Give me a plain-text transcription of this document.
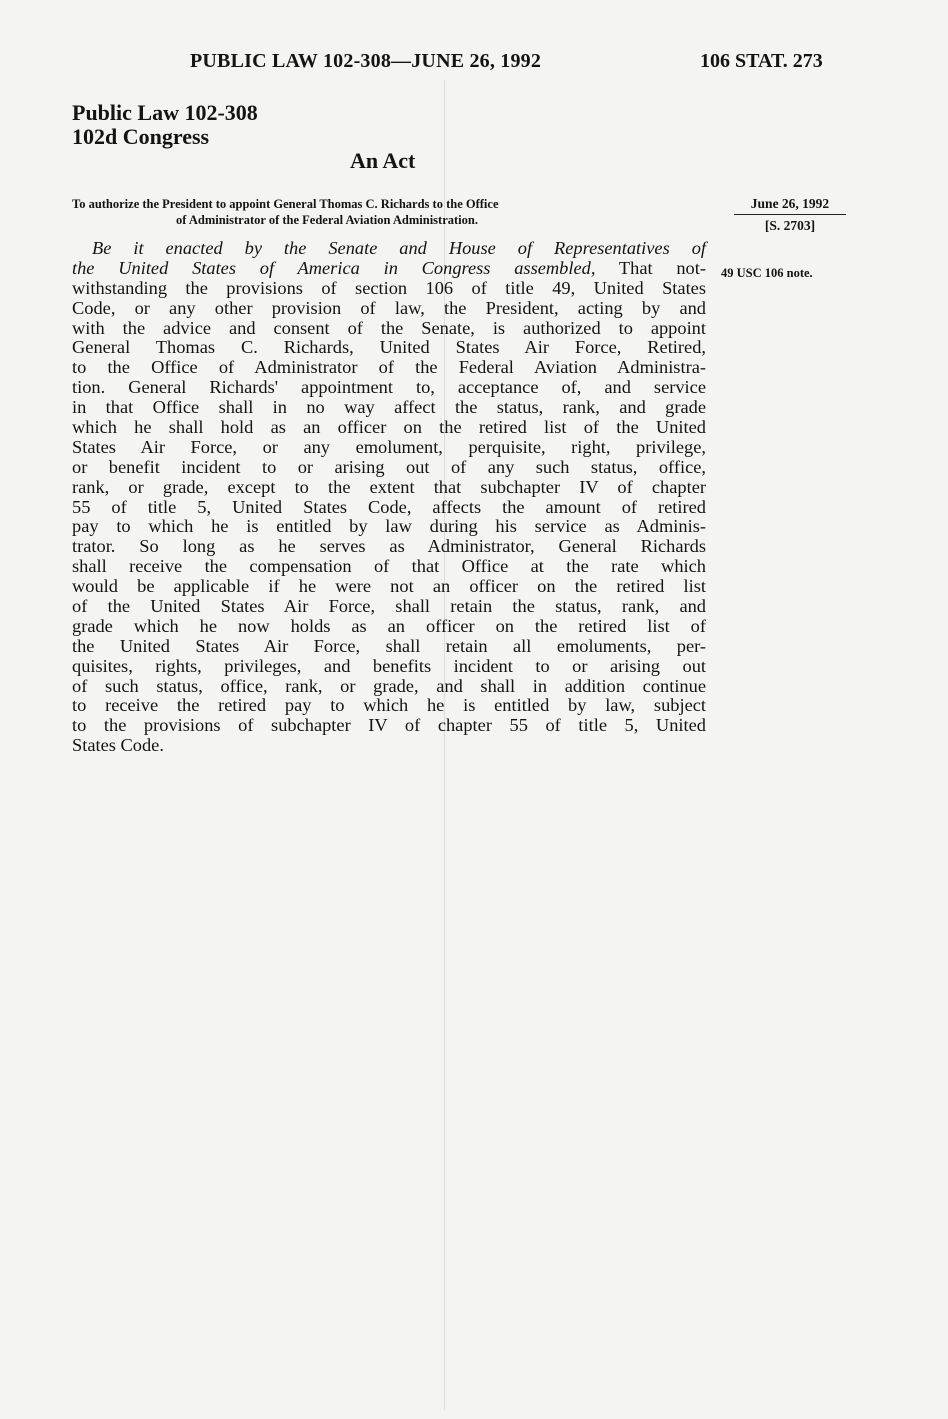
PUBLIC LAW 102-308—JUNE 26, 1992	106 STAT. 273
Public Law 102-308
102d Congress
An Act
To authorize the President to appoint General Thomas C. Richards to the Office
of Administrator of the Federal Aviation Administration.
June 26, 1992
[S. 2703]
49 USC 106 note.
Be it enacted by the Senate and House of Representatives of
the United States of America in Congress assembled, That not-
withstanding the provisions of section 106 of title 49, United States
Code, or any other provision of law, the President, acting by and
with the advice and consent of the Senate, is authorized to appoint
General Thomas C. Richards, United States Air Force, Retired,
to the Office of Administrator of the Federal Aviation Administra-
tion. General Richards' appointment to, acceptance of, and service
in that Office shall in no way affect the status, rank, and grade
which he shall hold as an officer on the retired list of the United
States Air Force, or any emolument, perquisite, right, privilege,
or benefit incident to or arising out of any such status, office,
rank, or grade, except to the extent that subchapter IV of chapter
55 of title 5, United States Code, affects the amount of retired
pay to which he is entitled by law during his service as Adminis-
trator. So long as he serves as Administrator, General Richards
shall receive the compensation of that Office at the rate which
would be applicable if he were not an officer on the retired list
of the United States Air Force, shall retain the status, rank, and
grade which he now holds as an officer on the retired list of
the United States Air Force, shall retain all emoluments, per-
quisites, rights, privileges, and benefits incident to or arising out
of such status, office, rank, or grade, and shall in addition continue
to receive the retired pay to which he is entitled by law, subject
to the provisions of subchapter IV of chapter 55 of title 5, United
States Code.
